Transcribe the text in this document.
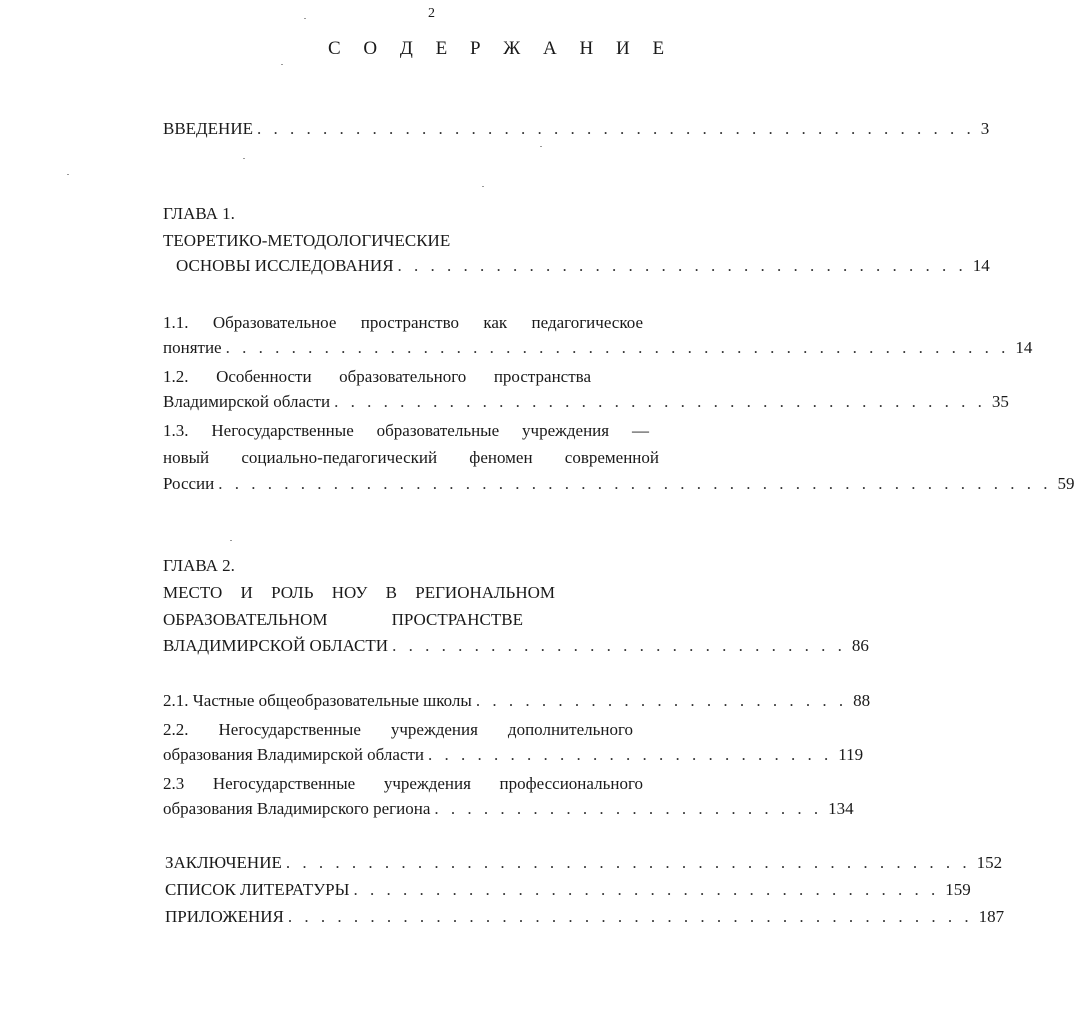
2
С О Д Е Р Ж А Н И Е
ВВЕДЕНИЕ . . . . . . . . . . . . . . . . . . . . . . . . . . . . . . . . . . . . . . . . . . . . 3
ГЛАВА 1.
ТЕОРЕТИКО-МЕТОДОЛОГИЧЕСКИЕ
ОСНОВЫ ИССЛЕДОВАНИЯ . . . . . . . . . . . . . . . . . . . . . . . . . . . . . . . . . . . 14
1.1. Образовательное пространство как педагогическое
понятие . . . . . . . . . . . . . . . . . . . . . . . . . . . . . . . . . . . . . . . . . . . . . . . . 14
1.2. Особенности образовательного пространства
Владимирской области . . . . . . . . . . . . . . . . . . . . . . . . . . . . . . . . . . . . . . . . 35
1.3. Негосударственные образовательные учреждения —
новый социально-педагогический феномен современной
России . . . . . . . . . . . . . . . . . . . . . . . . . . . . . . . . . . . . . . . . . . . . . . . . . . . 59
ГЛАВА 2.
МЕСТО И РОЛЬ НОУ В РЕГИОНАЛЬНОМ
ОБРАЗОВАТЕЛЬНОМ ПРОСТРАНСТВЕ
ВЛАДИМИРСКОЙ ОБЛАСТИ . . . . . . . . . . . . . . . . . . . . . . . . . . . . 86
2.1. Частные общеобразовательные школы . . . . . . . . . . . . . . . . . . . . . . . 88
2.2. Негосударственные учреждения дополнительного
образования Владимирской области . . . . . . . . . . . . . . . . . . . . . . . . . 119
2.3 Негосударственные учреждения профессионального
образования Владимирского региона . . . . . . . . . . . . . . . . . . . . . . . . 134
ЗАКЛЮЧЕНИЕ . . . . . . . . . . . . . . . . . . . . . . . . . . . . . . . . . . . . . . . . . . 152
СПИСОК ЛИТЕРАТУРЫ . . . . . . . . . . . . . . . . . . . . . . . . . . . . . . . . . . . . 159
ПРИЛОЖЕНИЯ . . . . . . . . . . . . . . . . . . . . . . . . . . . . . . . . . . . . . . . . . . 187
